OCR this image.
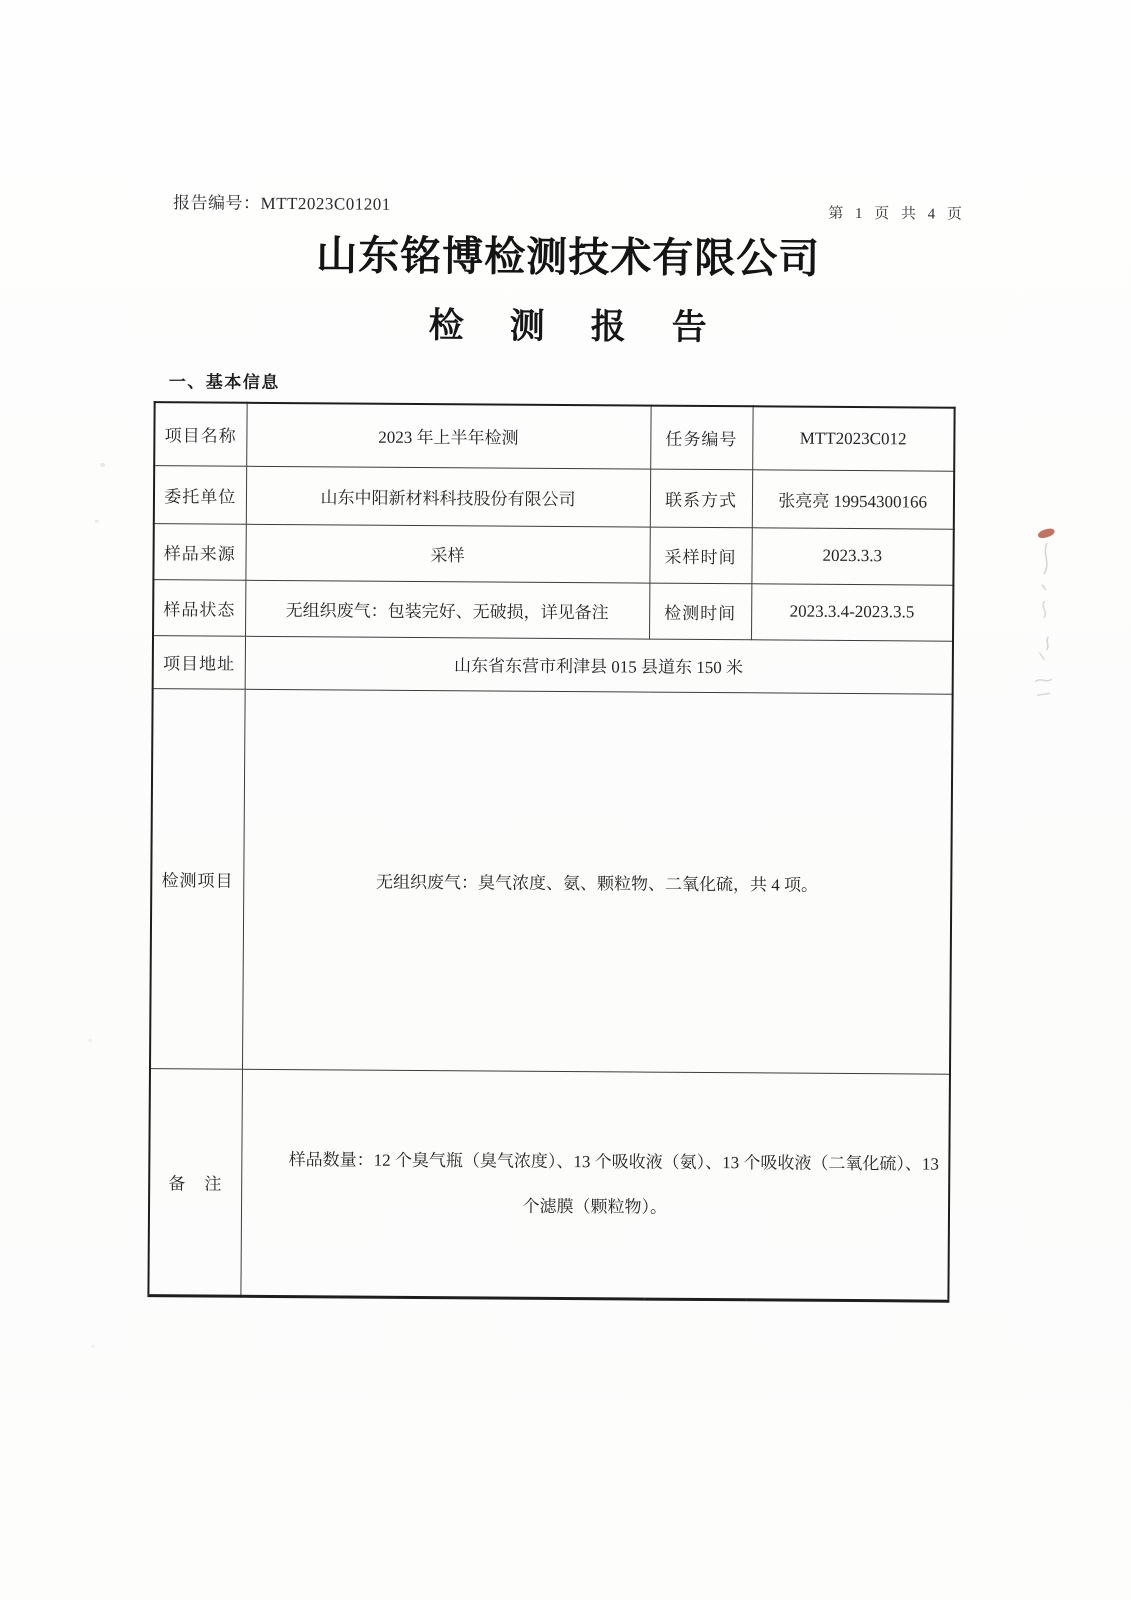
报告编号：MTT2023C01201
第 1 页 共 4 页
山东铭博检测技术有限公司
检测报告
一、基本信息
项目名称	2023 年上半年检测	任务编号	MTT2023C012
委托单位	山东中阳新材料科技股份有限公司	联系方式	张亮亮 19954300166
样品来源	采样	采样时间	2023.3.3
样品状态	无组织废气：包装完好、无破损，详见备注	检测时间	2023.3.4-2023.3.5
项目地址	山东省东营市利津县 015 县道东 150 米		
检测项目	无组织废气：臭气浓度、氨、颗粒物、二氧化硫，共 4 项。		
备　注	样品数量：12 个臭气瓶（臭气浓度）、13 个吸收液（氨）、13 个吸收液（二氧化硫）、13 个滤膜（颗粒物）。		
